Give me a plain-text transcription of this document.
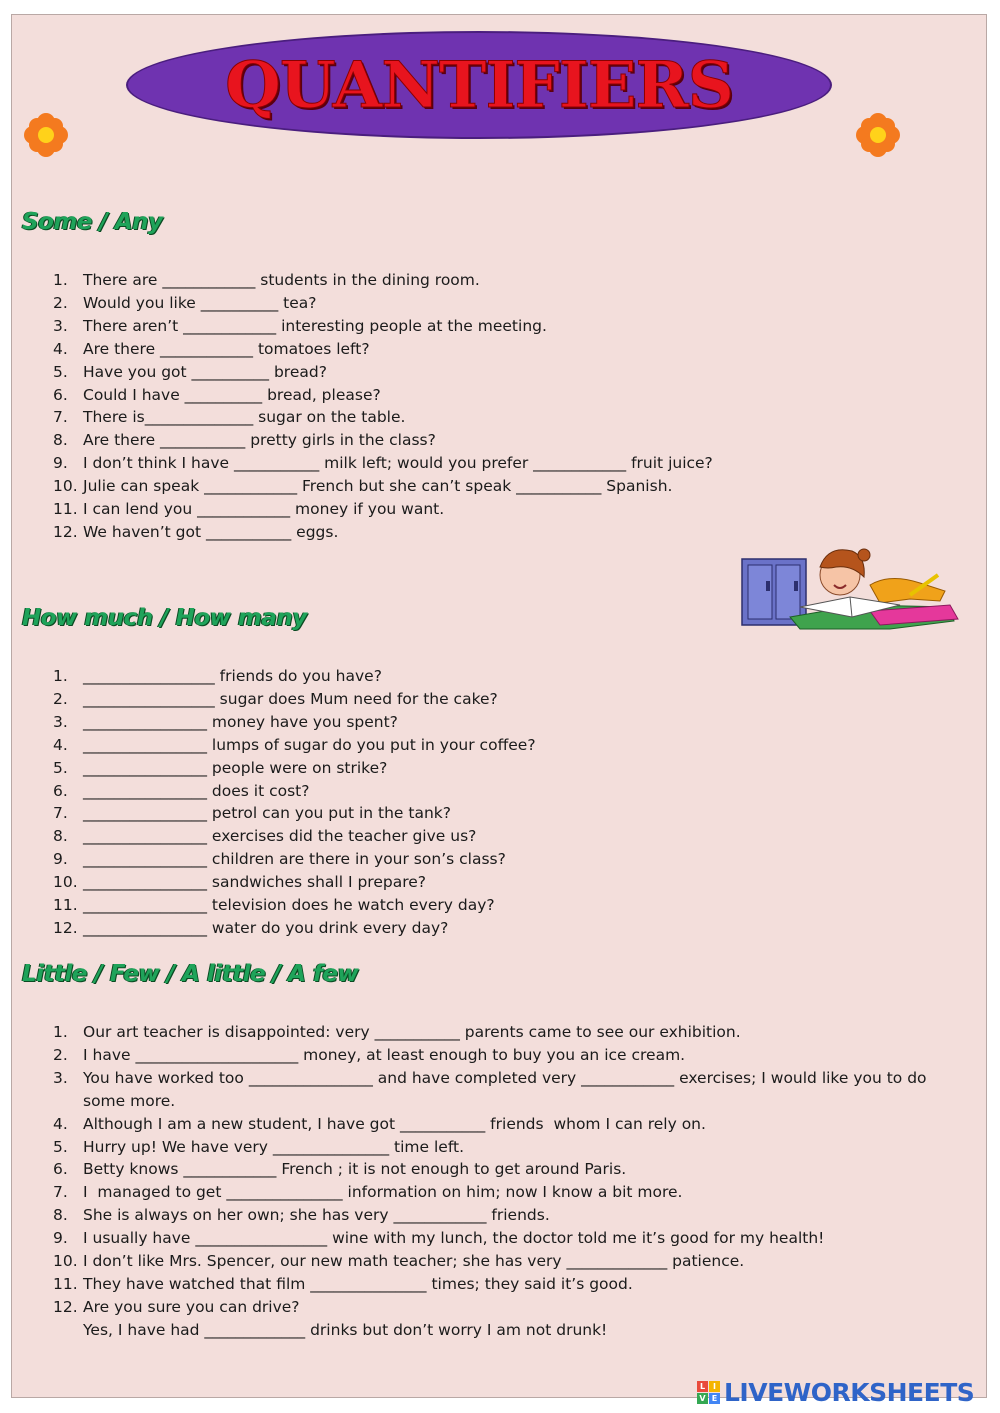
QUANTIFIERS
Some / Any
1. There are ____________ students in the dining room.
2. Would you like __________ tea?
3. There aren’t ____________ interesting people at the meeting.
4. Are there ____________ tomatoes left?
5. Have you got __________ bread?
6. Could I have __________ bread, please?
7. There is______________ sugar on the table.
8. Are there ___________ pretty girls in the class?
9. I don’t think I have ___________ milk left; would you prefer ____________ fruit juice?
10. Julie can speak ____________ French but she can’t speak ___________ Spanish.
11. I can lend you ____________ money if you want.
12. We haven’t got ___________ eggs.
How much / How many
1. _________________ friends do you have?
2. _________________ sugar does Mum need for the cake?
3. ________________ money have you spent?
4. ________________ lumps of sugar do you put in your coffee?
5. ________________ people were on strike?
6. ________________ does it cost?
7. ________________ petrol can you put in the tank?
8. ________________ exercises did the teacher give us?
9. ________________ children are there in your son’s class?
10. ________________ sandwiches shall I prepare?
11. ________________ television does he watch every day?
12. ________________ water do you drink every day?
Little / Few / A little / A few
1. Our art teacher is disappointed: very ___________ parents came to see our exhibition.
2. I have _____________________ money, at least enough to buy you an ice cream.
3. You have worked too ________________ and have completed very ____________ exercises; I would like you to do some more.
4. Although I am a new student, I have got ___________ friends  whom I can rely on.
5. Hurry up! We have very _______________ time left.
6. Betty knows ____________ French ; it is not enough to get around Paris.
7. I  managed to get _______________ information on him; now I know a bit more.
8. She is always on her own; she has very ____________ friends.
9. I usually have _________________ wine with my lunch, the doctor told me it’s good for my health!
10. I don’t like Mrs. Spencer, our new math teacher; she has very _____________ patience.
11. They have watched that film _______________ times; they said it’s good.
12. Are you sure you can drive?
Yes, I have had _____________ drinks but don’t worry I am not drunk!
L I
V E LIVEWORKSHEETS
